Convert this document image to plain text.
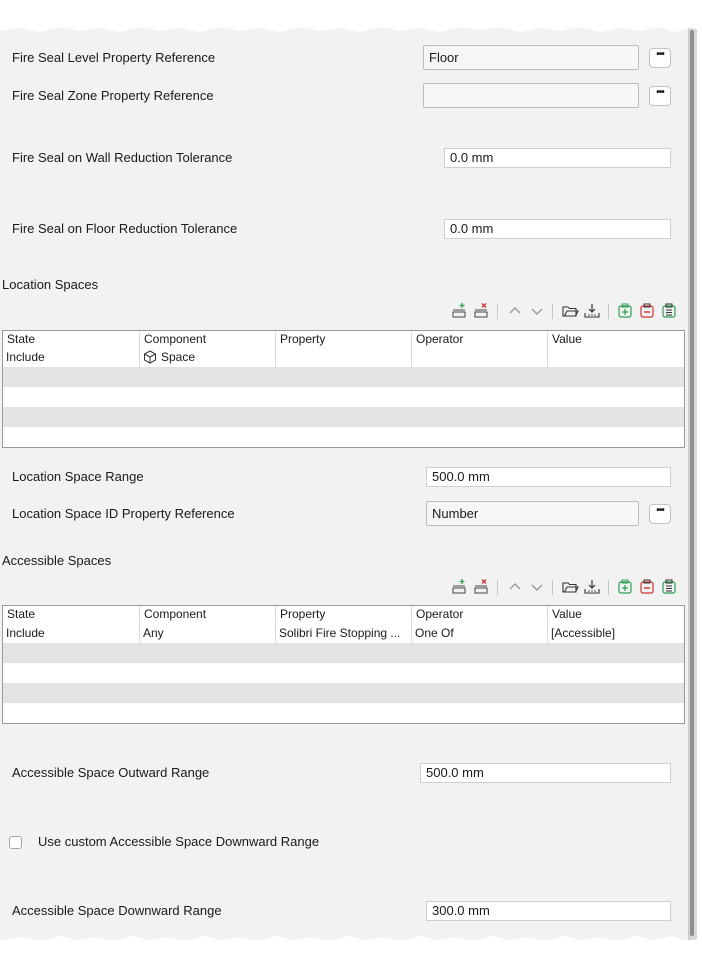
Fire Seal Level Property Reference	Floor	•••
Fire Seal Zone Property Reference	•••
Fire Seal on Wall Reduction Tolerance	0.0 mm
Fire Seal on Floor Reduction Tolerance	0.0 mm
Location Spaces
State	Component	Property	Operator	Value
Include	Space
Location Space Range	500.0 mm
Location Space ID Property Reference	Number	•••
Accessible Spaces
State	Component	Property	Operator	Value
Include	Any	Solibri Fire Stopping ...	One Of	[Accessible]
Accessible Space Outward Range	500.0 mm
Use custom Accessible Space Downward Range
Accessible Space Downward Range	300.0 mm
